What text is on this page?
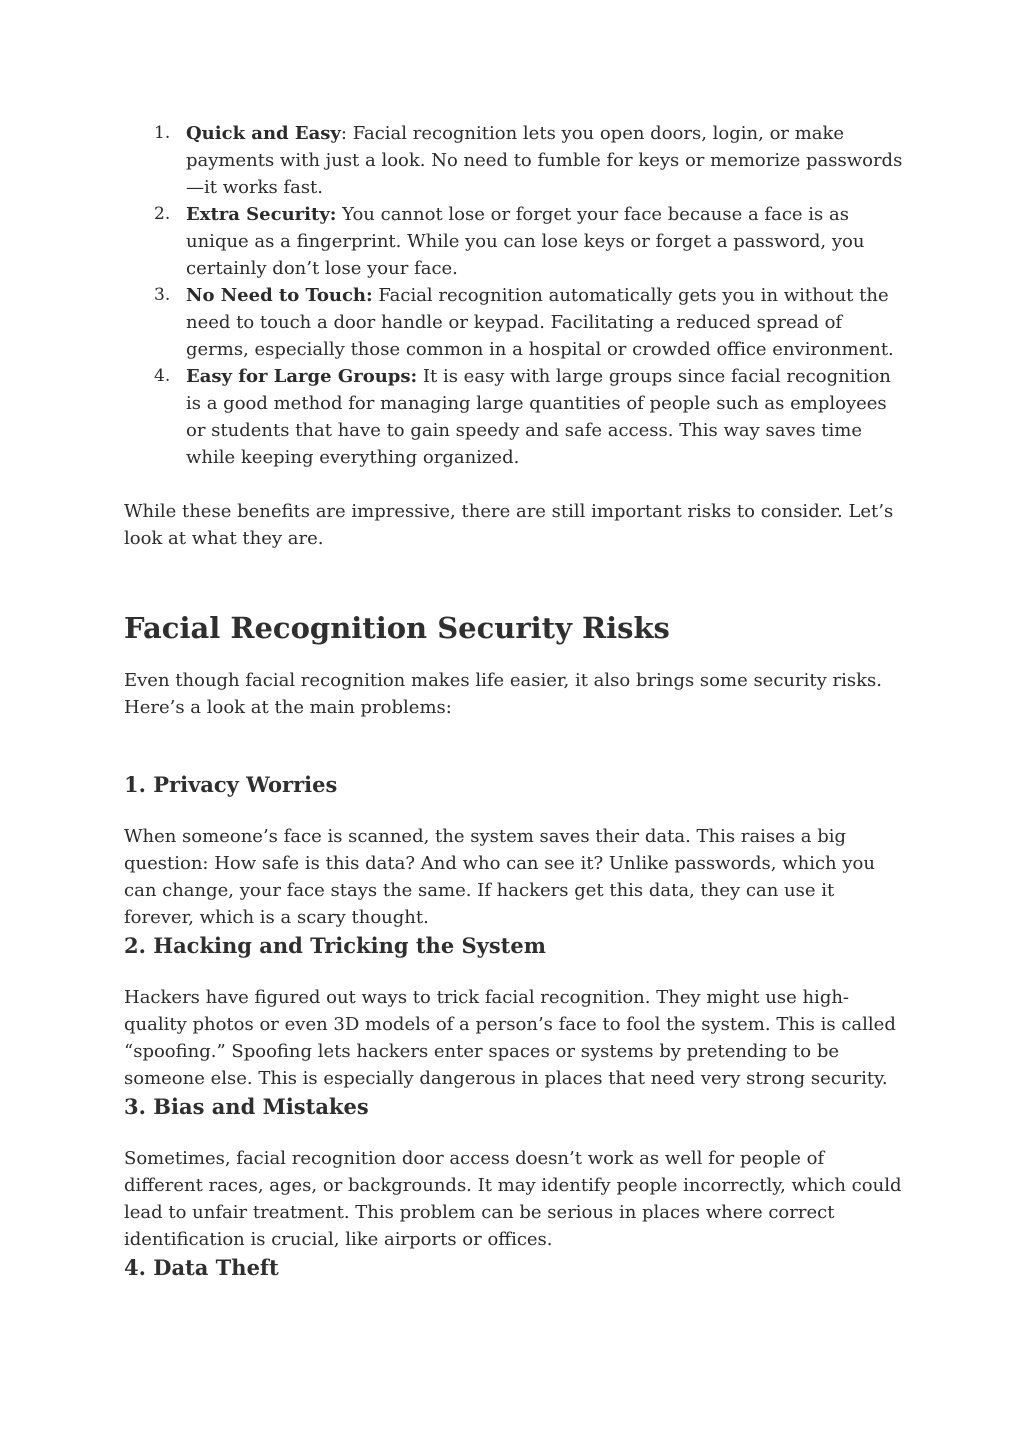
1. Quick and Easy: Facial recognition lets you open doors, login, or make payments with just a look. No need to fumble for keys or memorize passwords—it works fast.
2. Extra Security: You cannot lose or forget your face because a face is as unique as a fingerprint. While you can lose keys or forget a password, you certainly don’t lose your face.
3. No Need to Touch: Facial recognition automatically gets you in without the need to touch a door handle or keypad. Facilitating a reduced spread of germs, especially those common in a hospital or crowded office environment.
4. Easy for Large Groups: It is easy with large groups since facial recognition is a good method for managing large quantities of people such as employees or students that have to gain speedy and safe access. This way saves time while keeping everything organized.

While these benefits are impressive, there are still important risks to consider. Let’s look at what they are.

Facial Recognition Security Risks

Even though facial recognition makes life easier, it also brings some security risks. Here’s a look at the main problems:

1. Privacy Worries

When someone’s face is scanned, the system saves their data. This raises a big question: How safe is this data? And who can see it? Unlike passwords, which you can change, your face stays the same. If hackers get this data, they can use it forever, which is a scary thought.

2. Hacking and Tricking the System

Hackers have figured out ways to trick facial recognition. They might use high-quality photos or even 3D models of a person’s face to fool the system. This is called “spoofing.” Spoofing lets hackers enter spaces or systems by pretending to be someone else. This is especially dangerous in places that need very strong security.

3. Bias and Mistakes

Sometimes, facial recognition door access doesn’t work as well for people of different races, ages, or backgrounds. It may identify people incorrectly, which could lead to unfair treatment. This problem can be serious in places where correct identification is crucial, like airports or offices.

4. Data Theft
